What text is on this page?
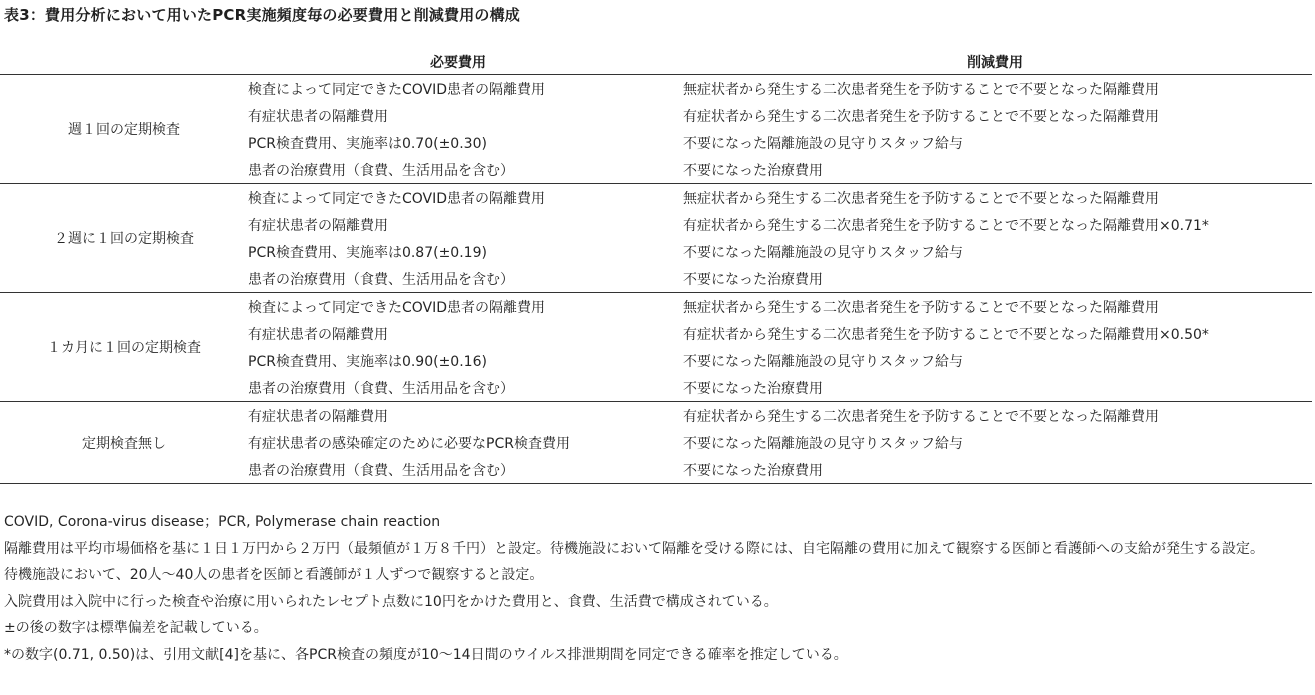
表3：費用分析において用いたPCR実施頻度毎の必要費用と削減費用の構成
	必要費用	削減費用
週１回の定期検査	検査によって同定できたCOVID患者の隔離費用	無症状者から発生する二次患者発生を予防することで不要となった隔離費用
	有症状患者の隔離費用	有症状者から発生する二次患者発生を予防することで不要となった隔離費用
	PCR検査費用、実施率は0.70(±0.30)	不要になった隔離施設の見守りスタッフ給与
	患者の治療費用（食費、生活用品を含む）	不要になった治療費用
２週に１回の定期検査	検査によって同定できたCOVID患者の隔離費用	無症状者から発生する二次患者発生を予防することで不要となった隔離費用
	有症状患者の隔離費用	有症状者から発生する二次患者発生を予防することで不要となった隔離費用×0.71*
	PCR検査費用、実施率は0.87(±0.19)	不要になった隔離施設の見守りスタッフ給与
	患者の治療費用（食費、生活用品を含む）	不要になった治療費用
１カ月に１回の定期検査	検査によって同定できたCOVID患者の隔離費用	無症状者から発生する二次患者発生を予防することで不要となった隔離費用
	有症状患者の隔離費用	有症状者から発生する二次患者発生を予防することで不要となった隔離費用×0.50*
	PCR検査費用、実施率は0.90(±0.16)	不要になった隔離施設の見守りスタッフ給与
	患者の治療費用（食費、生活用品を含む）	不要になった治療費用
定期検査無し	有症状患者の隔離費用	有症状者から発生する二次患者発生を予防することで不要となった隔離費用
	有症状患者の感染確定のために必要なPCR検査費用	不要になった隔離施設の見守りスタッフ給与
	患者の治療費用（食費、生活用品を含む）	不要になった治療費用

COVID, Corona-virus disease；PCR, Polymerase chain reaction

隔離費用は平均市場価格を基に１日１万円から２万円（最頻値が１万８千円）と設定。待機施設において隔離を受ける際には、自宅隔離の費用に加えて観察する医師と看護師への支給が発生する設定。

待機施設において、20人〜40人の患者を医師と看護師が１人ずつで観察すると設定。

入院費用は入院中に行った検査や治療に用いられたレセプト点数に10円をかけた費用と、食費、生活費で構成されている。

±の後の数字は標準偏差を記載している。

*の数字(0.71, 0.50)は、引用文献[4]を基に、各PCR検査の頻度が10〜14日間のウイルス排泄期間を同定できる確率を推定している。
